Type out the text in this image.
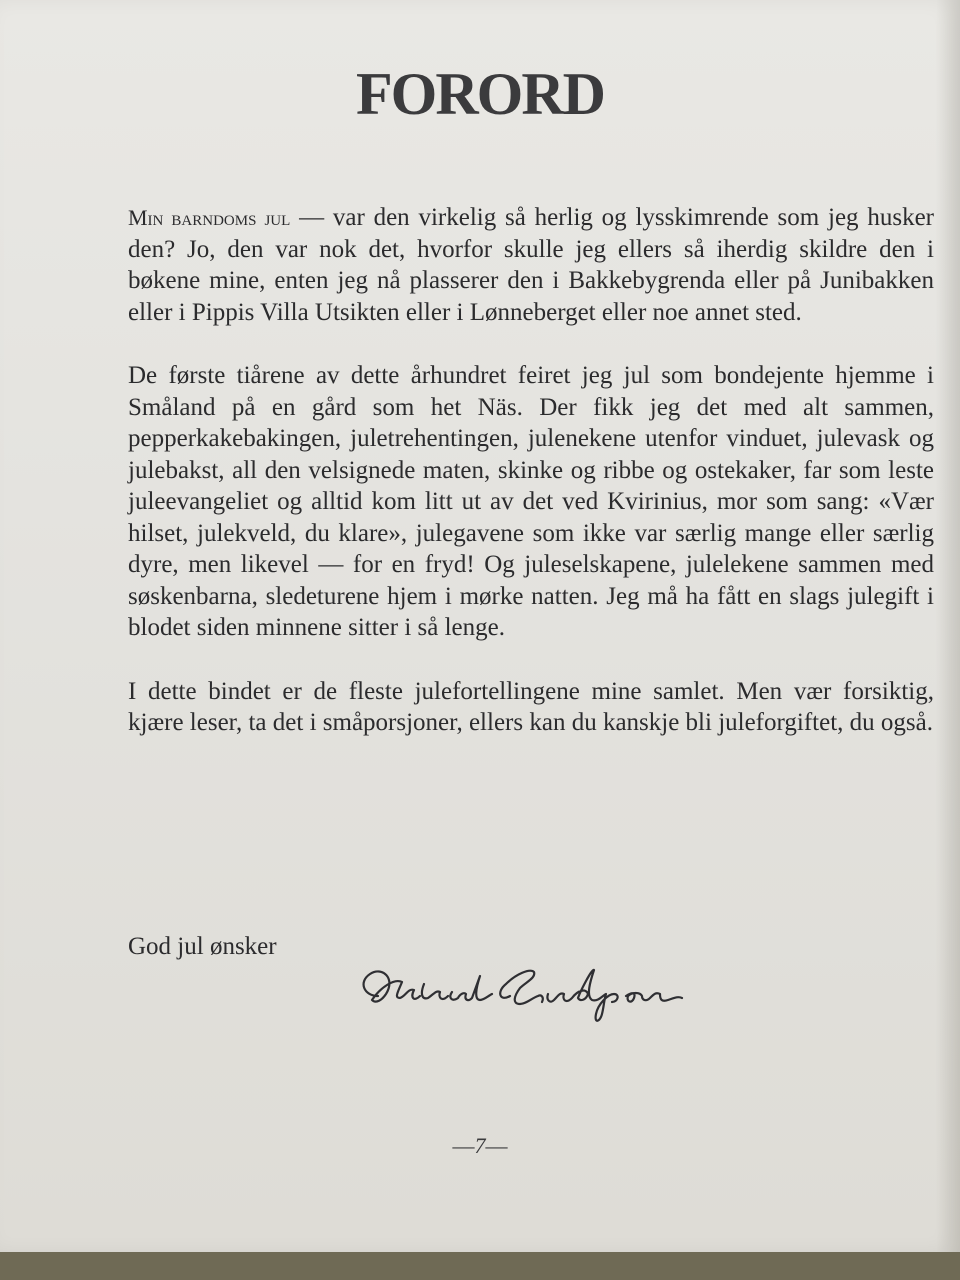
FORORD

Min barndoms jul — var den virkelig så herlig og lysskimrende som jeg husker den? Jo, den var nok det, hvorfor skulle jeg ellers så iherdig skildre den i bøkene mine, enten jeg nå plasserer den i Bakkebygrenda eller på Junibakken eller i Pippis Villa Utsikten eller i Lønneberget eller noe annet sted.

De første tiårene av dette århundret feiret jeg jul som bondejente hjemme i Småland på en gård som het Näs. Der fikk jeg det med alt sammen, pepperkakebakingen, juletrehentingen, julenekene utenfor vinduet, julevask og julebakst, all den velsignede maten, skinke og ribbe og ostekaker, far som leste juleevangeliet og alltid kom litt ut av det ved Kvirinius, mor som sang: «Vær hilset, julekveld, du klare», julegavene som ikke var særlig mange eller særlig dyre, men likevel — for en fryd! Og juleselskapene, julelekene sammen med søskenbarna, sledeturene hjem i mørke natten. Jeg må ha fått en slags julegift i blodet siden minnene sitter i så lenge.

I dette bindet er de fleste julefortellingene mine samlet. Men vær forsiktig, kjære leser, ta det i småporsjoner, ellers kan du kanskje bli juleforgiftet, du også.

God jul ønsker

—7—
